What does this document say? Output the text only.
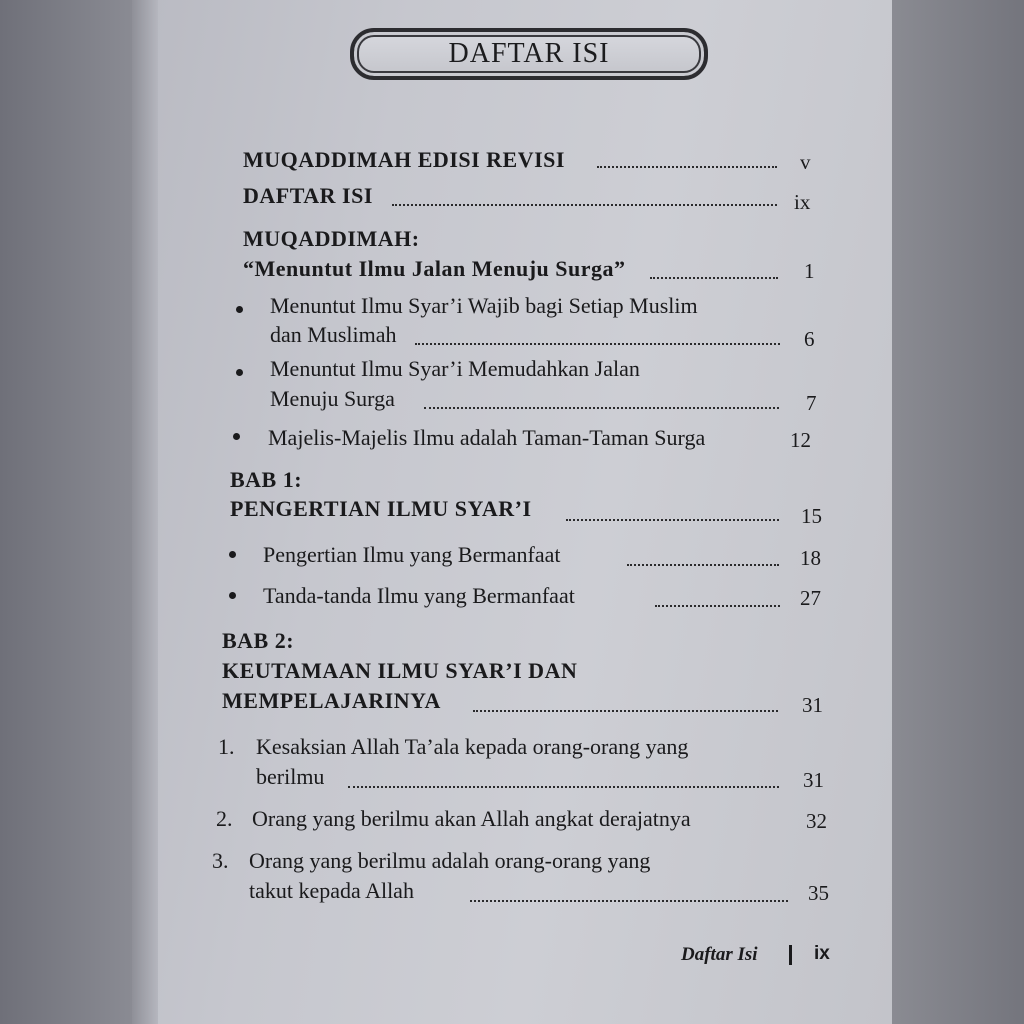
DAFTAR ISI
MUQADDIMAH EDISI REVISI	v
DAFTAR ISI	ix
MUQADDIMAH:
“Menuntut Ilmu Jalan Menuju Surga”	1
Menuntut Ilmu Syar’i Wajib bagi Setiap Muslim
dan Muslimah	6
Menuntut Ilmu Syar’i Memudahkan Jalan
Menuju Surga	7
Majelis-Majelis Ilmu adalah Taman-Taman Surga	12
BAB 1:
PENGERTIAN ILMU SYAR’I	15
Pengertian Ilmu yang Bermanfaat	18
Tanda-tanda Ilmu yang Bermanfaat	27
BAB 2:
KEUTAMAAN ILMU SYAR’I DAN
MEMPELAJARINYA	31
1. Kesaksian Allah Ta’ala kepada orang-orang yang
berilmu	31
2. Orang yang berilmu akan Allah angkat derajatnya	32
3. Orang yang berilmu adalah orang-orang yang
takut kepada Allah	35
Daftar Isi	ix
